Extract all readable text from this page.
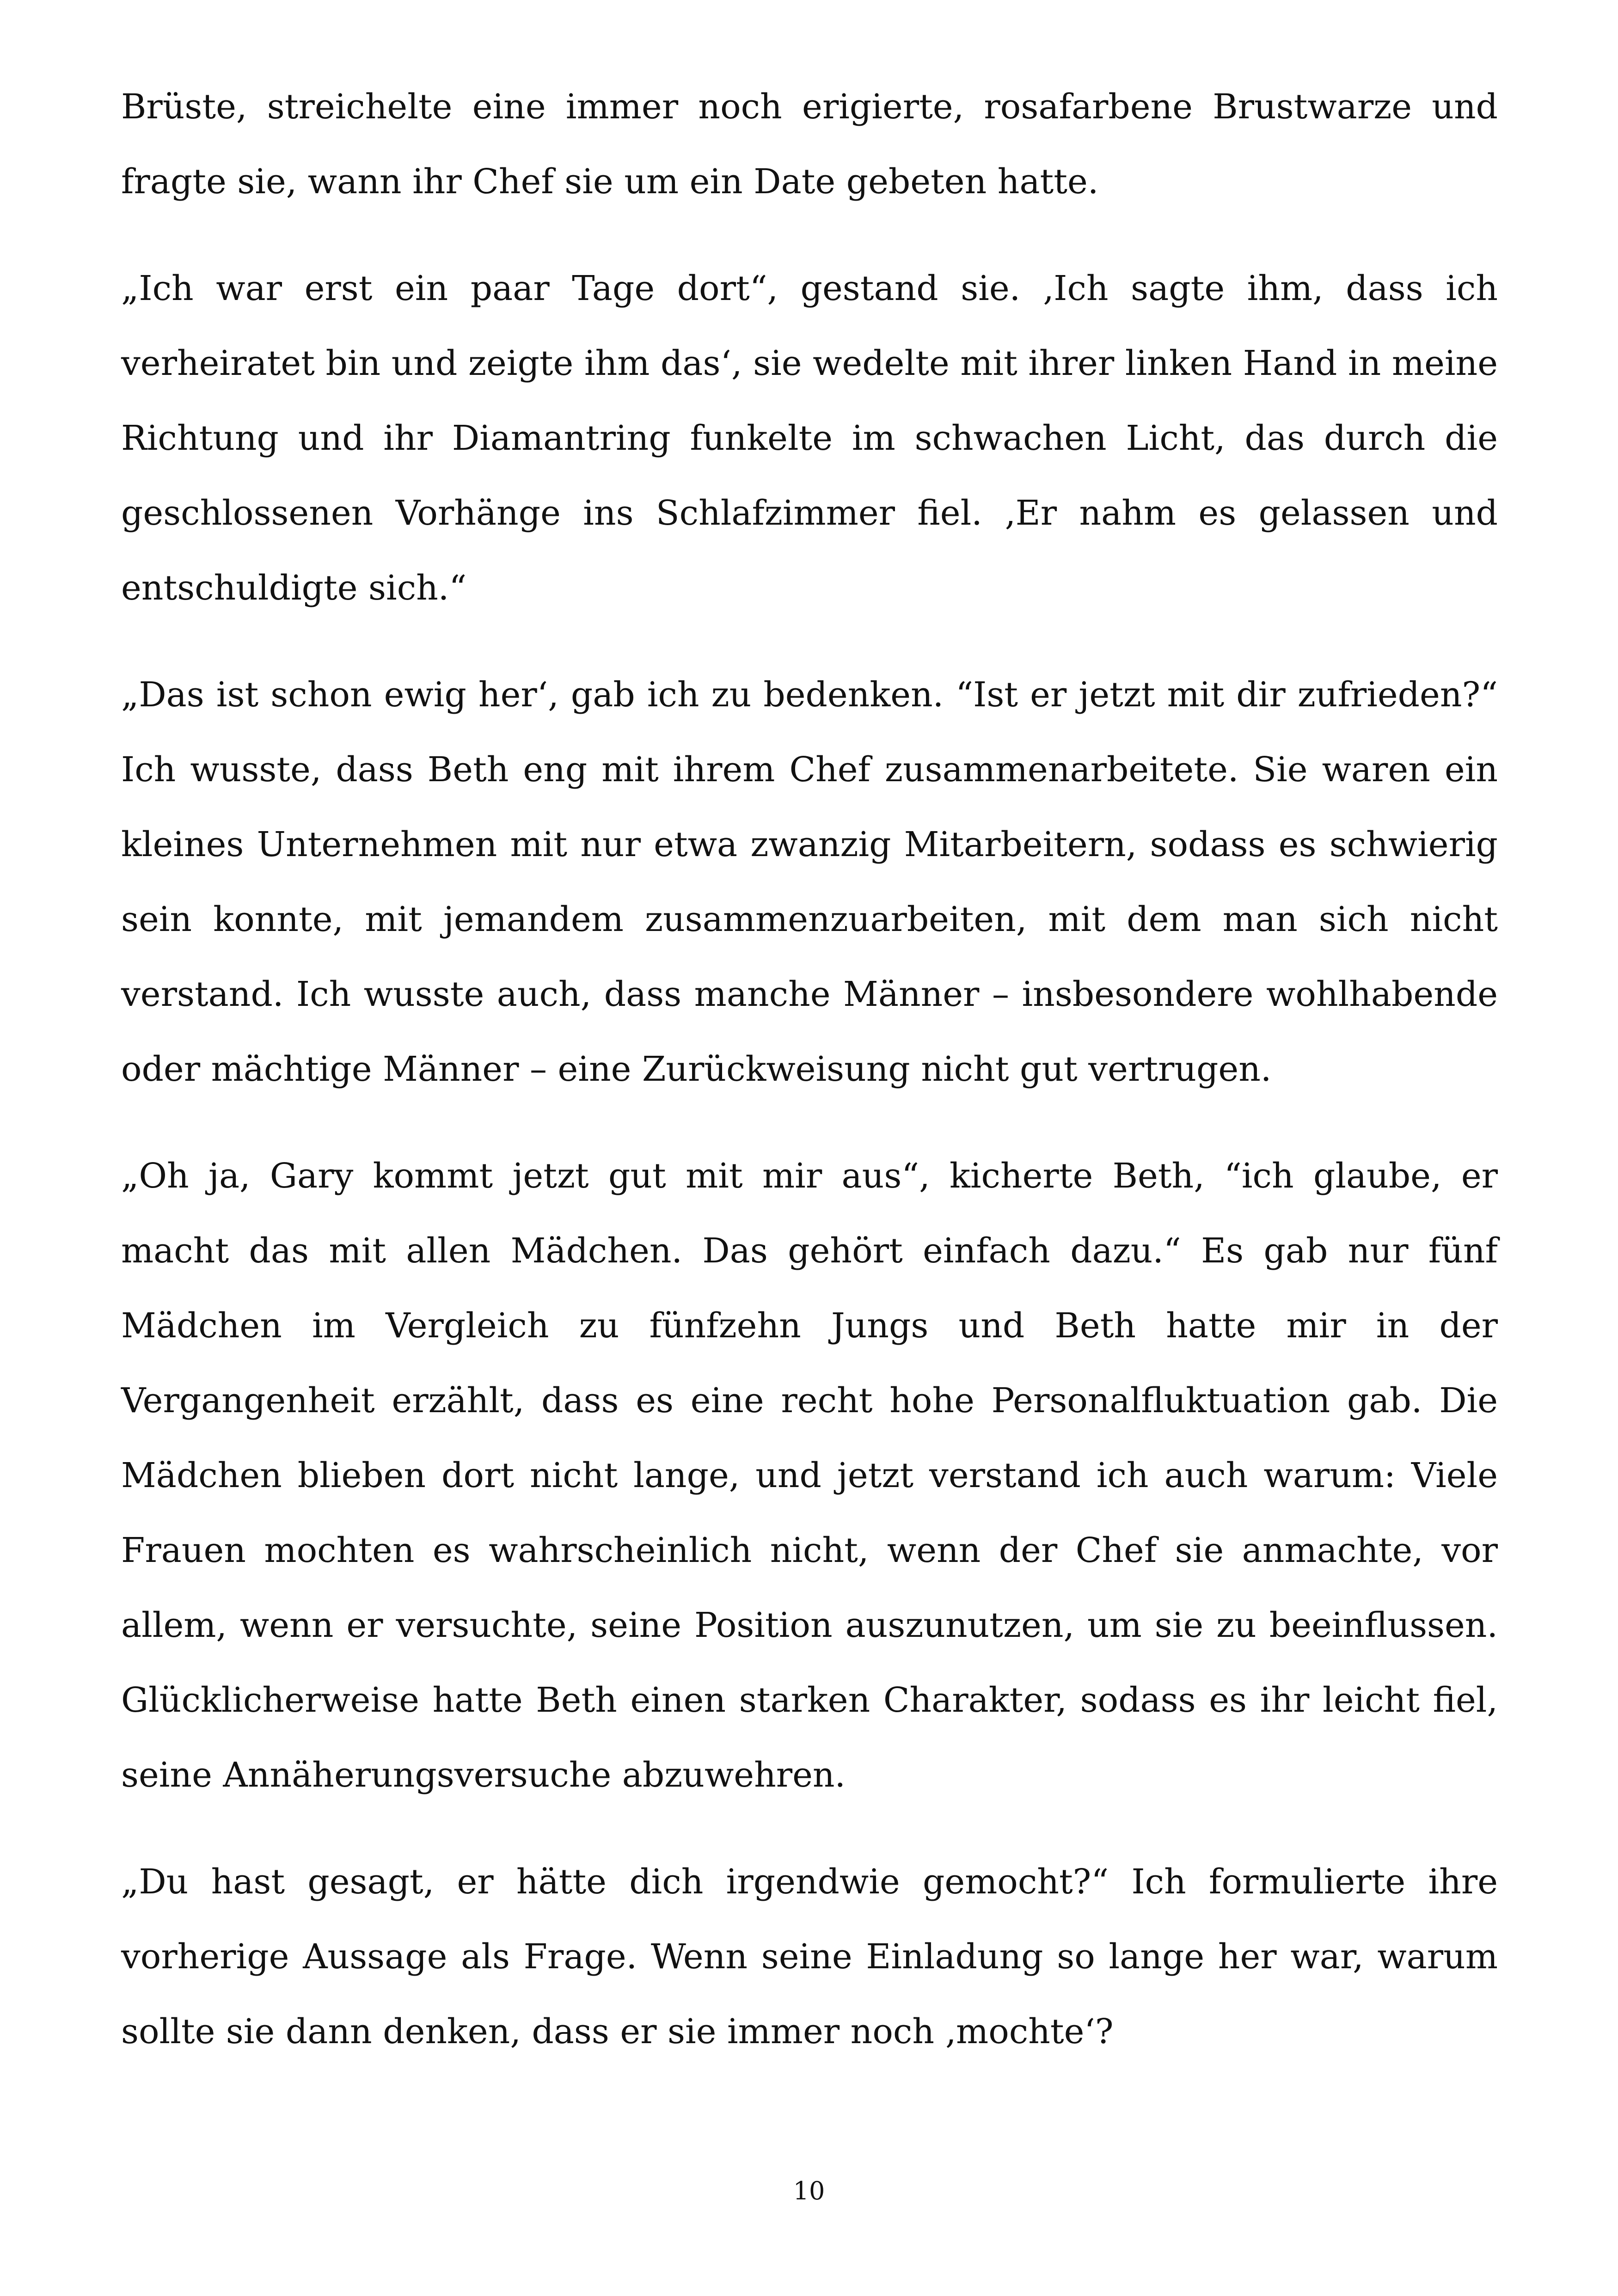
Brüste, streichelte eine immer noch erigierte, rosafarbene Brustwarze und fragte sie, wann ihr Chef sie um ein Date gebeten hatte.

„Ich war erst ein paar Tage dort“, gestand sie. ‚Ich sagte ihm, dass ich verheiratet bin und zeigte ihm das‘, sie wedelte mit ihrer linken Hand in meine Richtung und ihr Diamantring funkelte im schwachen Licht, das durch die geschlossenen Vorhänge ins Schlafzimmer fiel. ‚Er nahm es gelassen und entschuldigte sich.“

„Das ist schon ewig her‘, gab ich zu bedenken. “Ist er jetzt mit dir zufrieden?“ Ich wusste, dass Beth eng mit ihrem Chef zusammenarbeitete. Sie waren ein kleines Unternehmen mit nur etwa zwanzig Mitarbeitern, sodass es schwierig sein konnte, mit jemandem zusammenzuarbeiten, mit dem man sich nicht verstand. Ich wusste auch, dass manche Männer – insbesondere wohlhabende oder mächtige Männer – eine Zurückweisung nicht gut vertrugen.

„Oh ja, Gary kommt jetzt gut mit mir aus“, kicherte Beth, “ich glaube, er macht das mit allen Mädchen. Das gehört einfach dazu.“ Es gab nur fünf Mädchen im Vergleich zu fünfzehn Jungs und Beth hatte mir in der Vergangenheit erzählt, dass es eine recht hohe Personalfluktuation gab. Die Mädchen blieben dort nicht lange, und jetzt verstand ich auch warum: Viele Frauen mochten es wahrscheinlich nicht, wenn der Chef sie anmachte, vor allem, wenn er versuchte, seine Position auszunutzen, um sie zu beeinflussen. Glücklicherweise hatte Beth einen starken Charakter, sodass es ihr leicht fiel, seine Annäherungsversuche abzuwehren.

„Du hast gesagt, er hätte dich irgendwie gemocht?“ Ich formulierte ihre vorherige Aussage als Frage. Wenn seine Einladung so lange her war, warum sollte sie dann denken, dass er sie immer noch ‚mochte‘?

10
